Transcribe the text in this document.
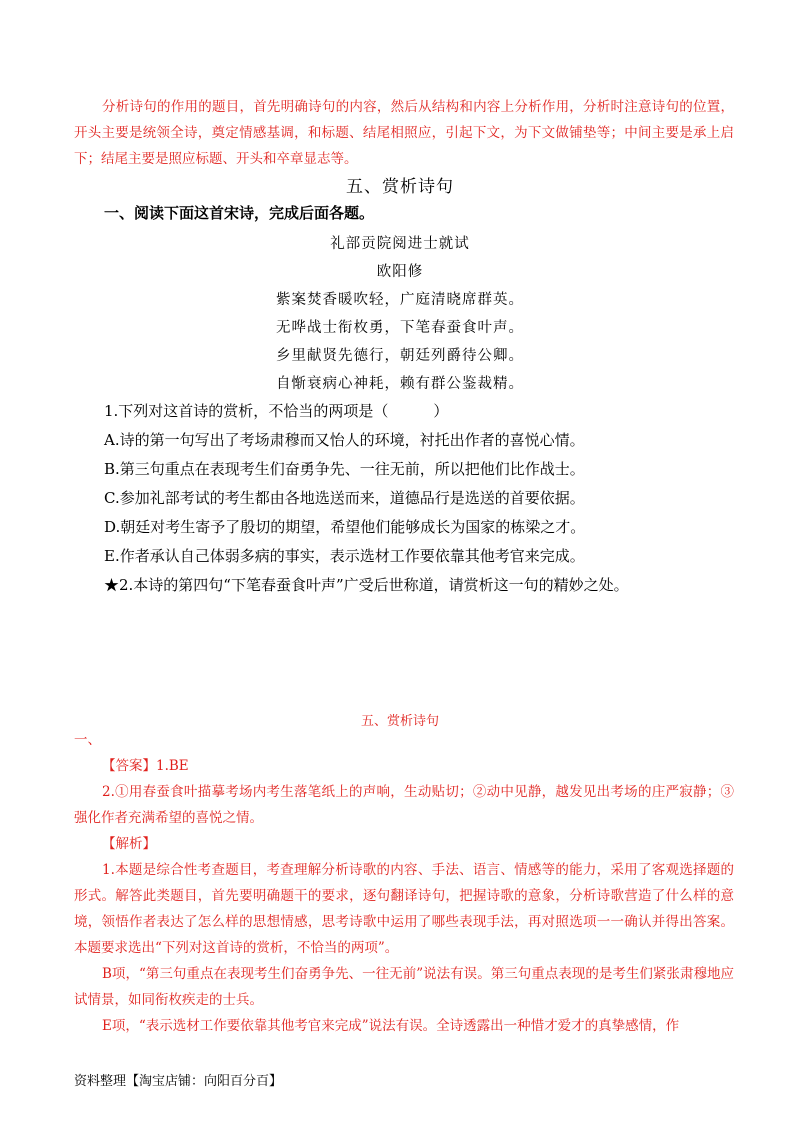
分析诗句的作用的题目，首先明确诗句的内容，然后从结构和内容上分析作用，分析时注意诗句的位置，开头主要是统领全诗，奠定情感基调，和标题、结尾相照应，引起下文，为下文做铺垫等；中间主要是承上启下；结尾主要是照应标题、开头和卒章显志等。
五、赏析诗句
一、阅读下面这首宋诗，完成后面各题。
礼部贡院阅进士就试
欧阳修
紫案焚香暖吹轻，广庭清晓席群英。
无哗战士衔枚勇，下笔春蚕食叶声。
乡里献贤先德行，朝廷列爵待公卿。
自惭衰病心神耗，赖有群公鉴裁精。
1.下列对这首诗的赏析，不恰当的两项是（　　　）
A.诗的第一句写出了考场肃穆而又怡人的环境，衬托出作者的喜悦心情。
B.第三句重点在表现考生们奋勇争先、一往无前，所以把他们比作战士。
C.参加礼部考试的考生都由各地选送而来，道德品行是选送的首要依据。
D.朝廷对考生寄予了殷切的期望，希望他们能够成长为国家的栋梁之才。
E.作者承认自己体弱多病的事实，表示选材工作要依靠其他考官来完成。
★2.本诗的第四句“下笔春蚕食叶声”广受后世称道，请赏析这一句的精妙之处。
五、赏析诗句
一、
【答案】1.BE
2.①用春蚕食叶描摹考场内考生落笔纸上的声响，生动贴切；②动中见静，越发见出考场的庄严寂静；③强化作者充满希望的喜悦之情。
【解析】
1.本题是综合性考查题目，考查理解分析诗歌的内容、手法、语言、情感等的能力，采用了客观选择题的形式。解答此类题目，首先要明确题干的要求，逐句翻译诗句，把握诗歌的意象，分析诗歌营造了什么样的意境，领悟作者表达了怎么样的思想情感，思考诗歌中运用了哪些表现手法，再对照选项一一确认并得出答案。本题要求选出“下列对这首诗的赏析，不恰当的两项”。
B项，“第三句重点在表现考生们奋勇争先、一往无前”说法有误。第三句重点表现的是考生们紧张肃穆地应试情景，如同衔枚疾走的士兵。
E项，“表示选材工作要依靠其他考官来完成”说法有误。全诗透露出一种惜才爱才的真挚感情，作
资料整理【淘宝店铺：向阳百分百】
